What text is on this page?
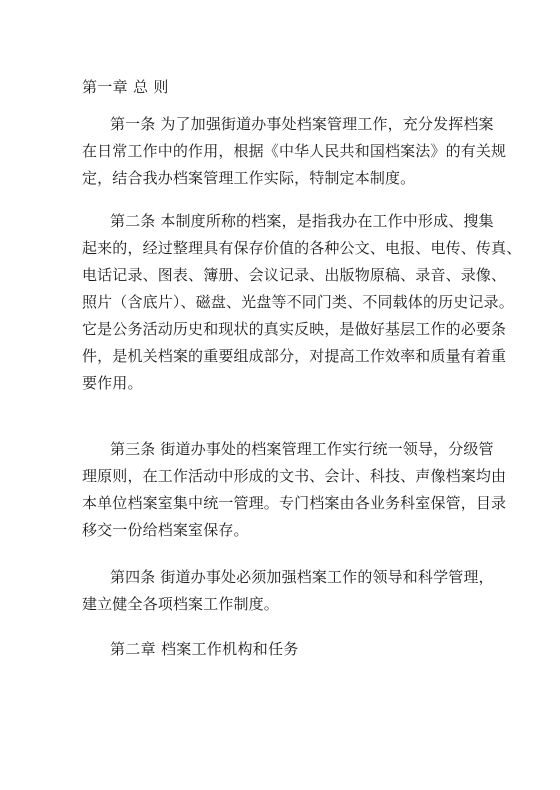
第一章 总 则
第一条 为了加强街道办事处档案管理工作，充分发挥档案
在日常工作中的作用，根据《中华人民共和国档案法》的有关规
定，结合我办档案管理工作实际，特制定本制度。
第二条 本制度所称的档案，是指我办在工作中形成、搜集
起来的，经过整理具有保存价值的各种公文、电报、电传、传真、
电话记录、图表、簿册、会议记录、出版物原稿、录音、录像、
照片（含底片）、磁盘、光盘等不同门类、不同载体的历史记录。
它是公务活动历史和现状的真实反映，是做好基层工作的必要条
件，是机关档案的重要组成部分，对提高工作效率和质量有着重
要作用。
第三条 街道办事处的档案管理工作实行统一领导，分级管
理原则，在工作活动中形成的文书、会计、科技、声像档案均由
本单位档案室集中统一管理。专门档案由各业务科室保管，目录
移交一份给档案室保存。
第四条 街道办事处必须加强档案工作的领导和科学管理，
建立健全各项档案工作制度。
第二章 档案工作机构和任务
